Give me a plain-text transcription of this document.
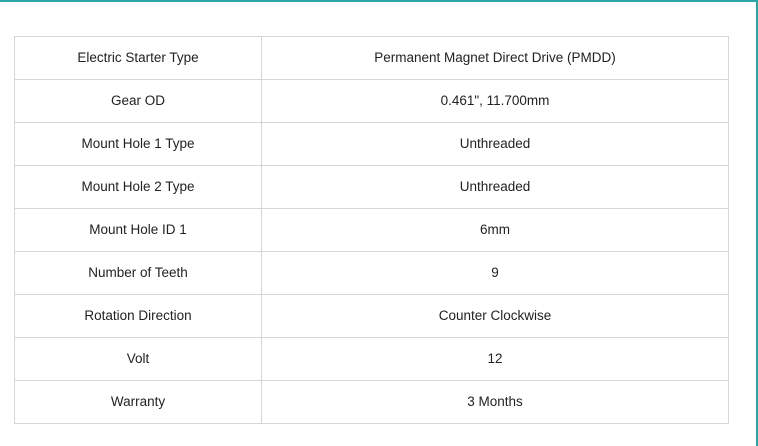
Electric Starter Type	Permanent Magnet Direct Drive (PMDD)
Gear OD	0.461", 11.700mm
Mount Hole 1 Type	Unthreaded
Mount Hole 2 Type	Unthreaded
Mount Hole ID 1	6mm
Number of Teeth	9
Rotation Direction	Counter Clockwise
Volt	12
Warranty	3 Months
